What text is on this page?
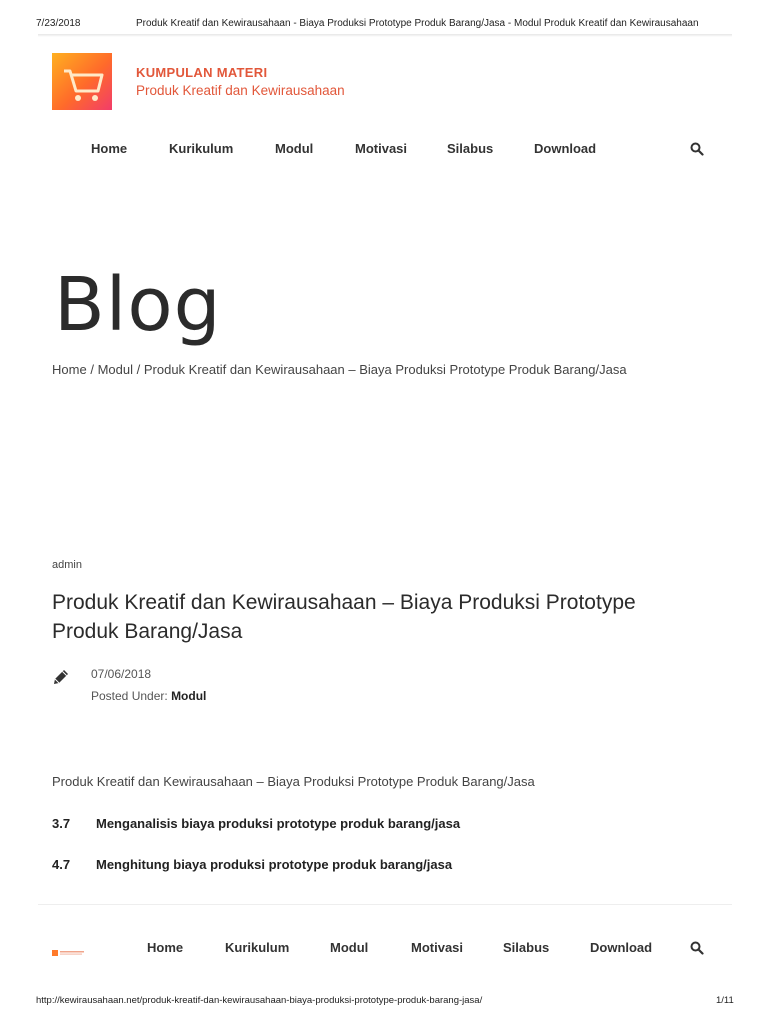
7/23/2018	Produk Kreatif dan Kewirausahaan - Biaya Produksi Prototype Produk Barang/Jasa - Modul Produk Kreatif dan Kewirausahaan
KUMPULAN MATERI
Produk Kreatif dan Kewirausahaan
Home	Kurikulum	Modul	Motivasi	Silabus	Download
Blog
Home / Modul / Produk Kreatif dan Kewirausahaan – Biaya Produksi Prototype Produk Barang/Jasa
admin
Produk Kreatif dan Kewirausahaan – Biaya Produksi Prototype Produk Barang/Jasa
07/06/2018
Posted Under: Modul
Produk Kreatif dan Kewirausahaan – Biaya Produksi Prototype Produk Barang/Jasa
3.7 Menganalisis biaya produksi prototype produk barang/jasa
4.7 Menghitung biaya produksi prototype produk barang/jasa
Home	Kurikulum	Modul	Motivasi	Silabus	Download
http://kewirausahaan.net/produk-kreatif-dan-kewirausahaan-biaya-produksi-prototype-produk-barang-jasa/	1/11
